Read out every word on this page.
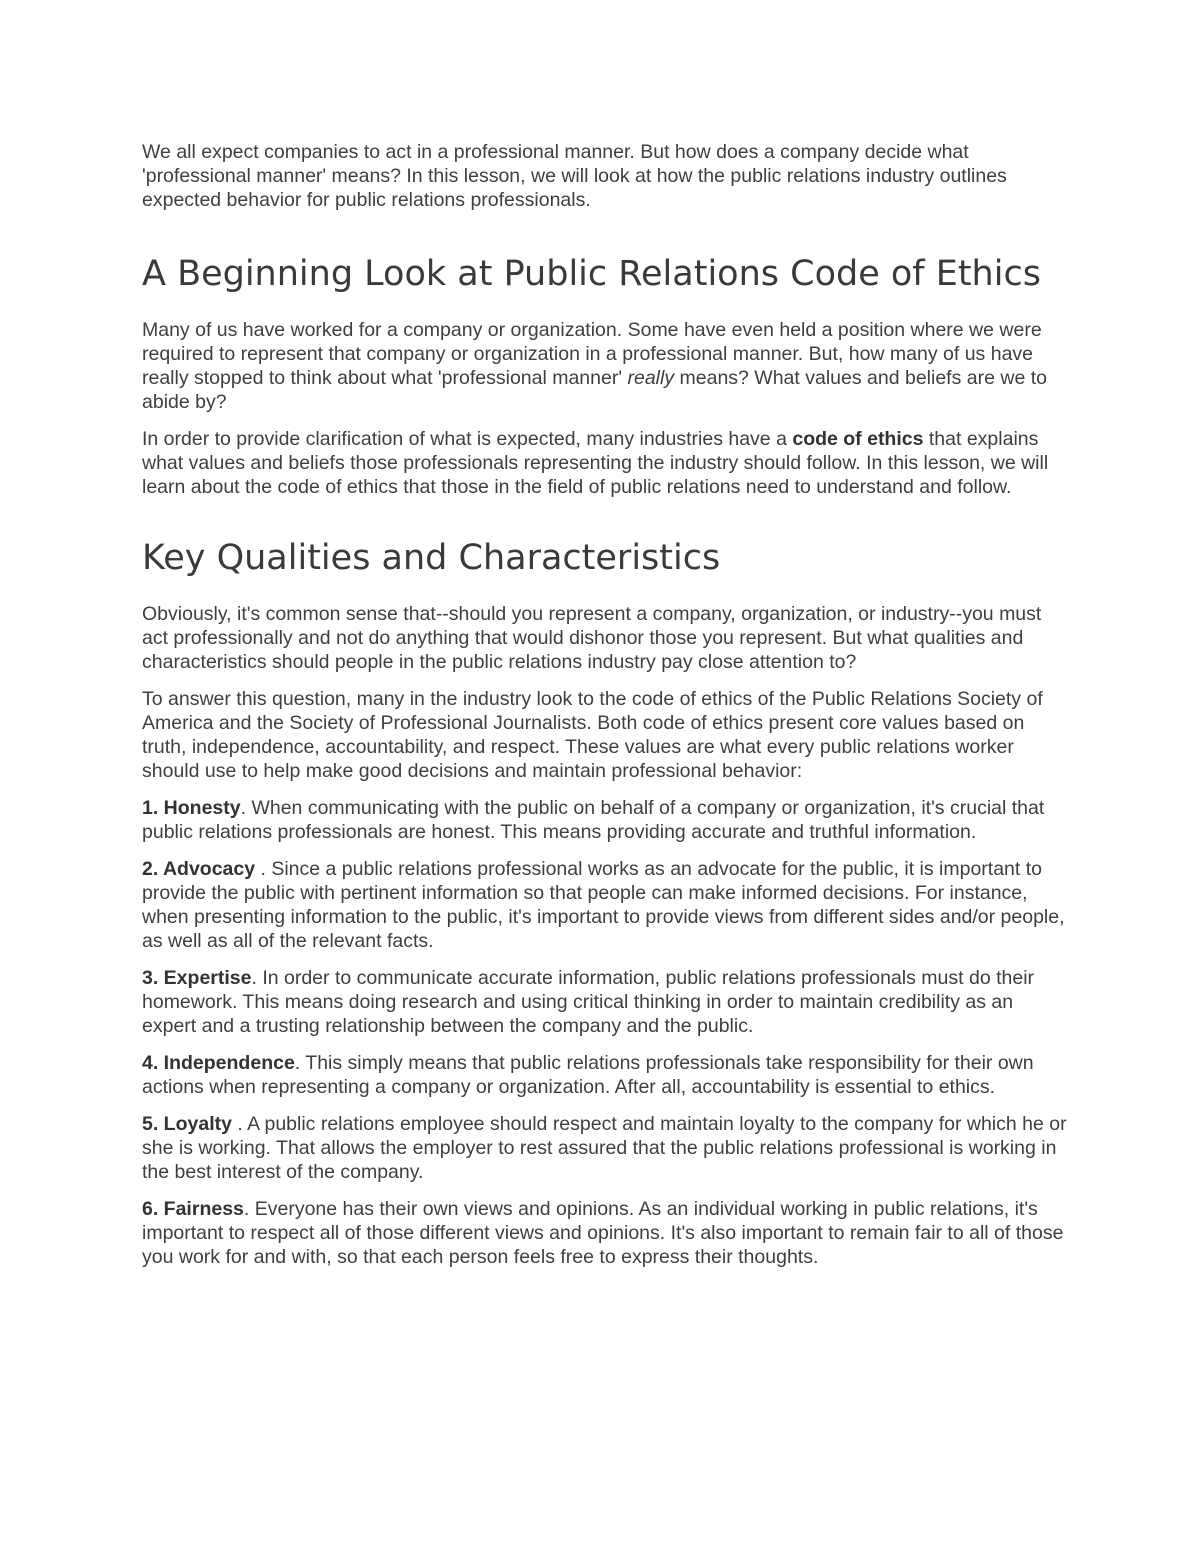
We all expect companies to act in a professional manner. But how does a company decide what 'professional manner' means? In this lesson, we will look at how the public relations industry outlines expected behavior for public relations professionals.

A Beginning Look at Public Relations Code of Ethics

Many of us have worked for a company or organization. Some have even held a position where we were required to represent that company or organization in a professional manner. But, how many of us have really stopped to think about what 'professional manner' really means? What values and beliefs are we to abide by?

In order to provide clarification of what is expected, many industries have a code of ethics that explains what values and beliefs those professionals representing the industry should follow. In this lesson, we will learn about the code of ethics that those in the field of public relations need to understand and follow.

Key Qualities and Characteristics

Obviously, it's common sense that--should you represent a company, organization, or industry--you must act professionally and not do anything that would dishonor those you represent. But what qualities and characteristics should people in the public relations industry pay close attention to?

To answer this question, many in the industry look to the code of ethics of the Public Relations Society of America and the Society of Professional Journalists. Both code of ethics present core values based on truth, independence, accountability, and respect. These values are what every public relations worker should use to help make good decisions and maintain professional behavior:

1. Honesty. When communicating with the public on behalf of a company or organization, it's crucial that public relations professionals are honest. This means providing accurate and truthful information.

2. Advocacy . Since a public relations professional works as an advocate for the public, it is important to provide the public with pertinent information so that people can make informed decisions. For instance, when presenting information to the public, it's important to provide views from different sides and/or people, as well as all of the relevant facts.

3. Expertise. In order to communicate accurate information, public relations professionals must do their homework. This means doing research and using critical thinking in order to maintain credibility as an expert and a trusting relationship between the company and the public.

4. Independence. This simply means that public relations professionals take responsibility for their own actions when representing a company or organization. After all, accountability is essential to ethics.

5. Loyalty . A public relations employee should respect and maintain loyalty to the company for which he or she is working. That allows the employer to rest assured that the public relations professional is working in the best interest of the company.

6. Fairness. Everyone has their own views and opinions. As an individual working in public relations, it's important to respect all of those different views and opinions. It's also important to remain fair to all of those you work for and with, so that each person feels free to express their thoughts.
